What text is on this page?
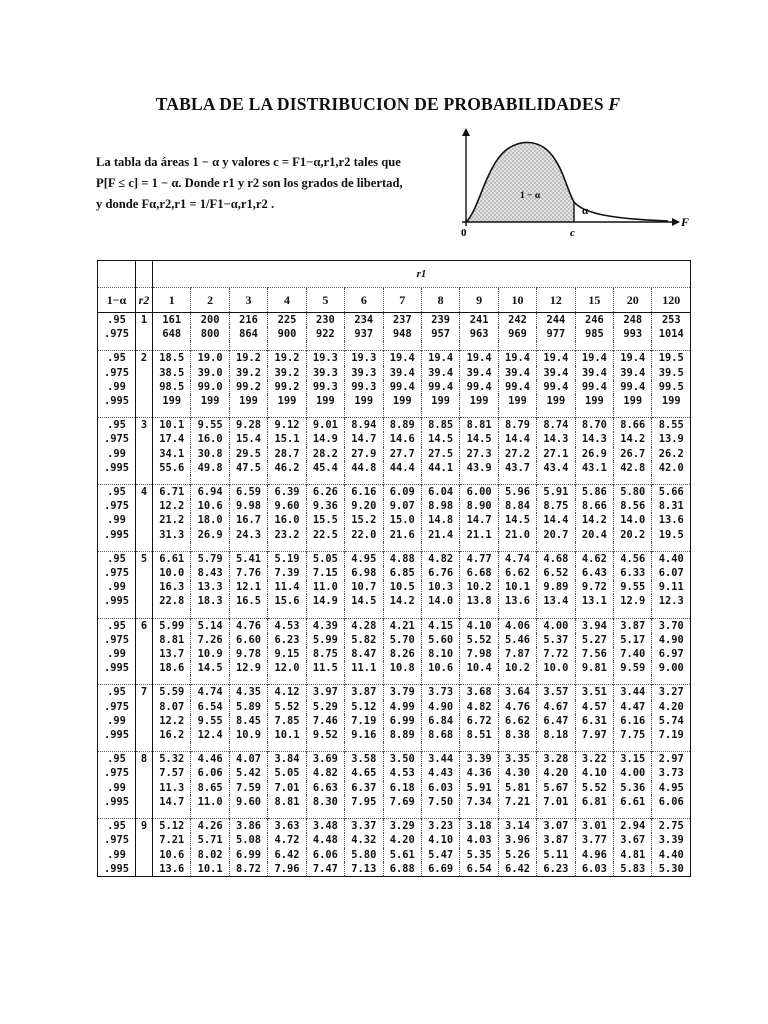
TABLA DE LA DISTRIBUCION DE PROBABILIDADES F
La tabla da áreas 1 − α y valores c = F1−α,r1,r2 tales que
P[F ≤ c] = 1 − α. Donde r1 y r2 son los grados de libertad,
y donde Fα,r2,r1 = 1/F1−α,r1,r2 .
0	c
F
1 − α
α
		r1													
1−α	r2	1	2	3	4	5	6	7	8	9	10	12	15	20	120
.95	1	161	200	216	225	230	234	237	239	241	242	244	246	248	253
.975		648	800	864	900	922	937	948	957	963	969	977	985	993	1014

.95	2	18.5	19.0	19.2	19.2	19.3	19.3	19.4	19.4	19.4	19.4	19.4	19.4	19.4	19.5
.975		38.5	39.0	39.2	39.2	39.3	39.3	39.4	39.4	39.4	39.4	39.4	39.4	39.4	39.5
.99		98.5	99.0	99.2	99.2	99.3	99.3	99.4	99.4	99.4	99.4	99.4	99.4	99.4	99.5
.995		199	199	199	199	199	199	199	199	199	199	199	199	199	199

.95	3	10.1	9.55	9.28	9.12	9.01	8.94	8.89	8.85	8.81	8.79	8.74	8.70	8.66	8.55
.975		17.4	16.0	15.4	15.1	14.9	14.7	14.6	14.5	14.5	14.4	14.3	14.3	14.2	13.9
.99		34.1	30.8	29.5	28.7	28.2	27.9	27.7	27.5	27.3	27.2	27.1	26.9	26.7	26.2
.995		55.6	49.8	47.5	46.2	45.4	44.8	44.4	44.1	43.9	43.7	43.4	43.1	42.8	42.0

.95	4	6.71	6.94	6.59	6.39	6.26	6.16	6.09	6.04	6.00	5.96	5.91	5.86	5.80	5.66
.975		12.2	10.6	9.98	9.60	9.36	9.20	9.07	8.98	8.90	8.84	8.75	8.66	8.56	8.31
.99		21.2	18.0	16.7	16.0	15.5	15.2	15.0	14.8	14.7	14.5	14.4	14.2	14.0	13.6
.995		31.3	26.9	24.3	23.2	22.5	22.0	21.6	21.4	21.1	21.0	20.7	20.4	20.2	19.5

.95	5	6.61	5.79	5.41	5.19	5.05	4.95	4.88	4.82	4.77	4.74	4.68	4.62	4.56	4.40
.975		10.0	8.43	7.76	7.39	7.15	6.98	6.85	6.76	6.68	6.62	6.52	6.43	6.33	6.07
.99		16.3	13.3	12.1	11.4	11.0	10.7	10.5	10.3	10.2	10.1	9.89	9.72	9.55	9.11
.995		22.8	18.3	16.5	15.6	14.9	14.5	14.2	14.0	13.8	13.6	13.4	13.1	12.9	12.3

.95	6	5.99	5.14	4.76	4.53	4.39	4.28	4.21	4.15	4.10	4.06	4.00	3.94	3.87	3.70
.975		8.81	7.26	6.60	6.23	5.99	5.82	5.70	5.60	5.52	5.46	5.37	5.27	5.17	4.90
.99		13.7	10.9	9.78	9.15	8.75	8.47	8.26	8.10	7.98	7.87	7.72	7.56	7.40	6.97
.995		18.6	14.5	12.9	12.0	11.5	11.1	10.8	10.6	10.4	10.2	10.0	9.81	9.59	9.00

.95	7	5.59	4.74	4.35	4.12	3.97	3.87	3.79	3.73	3.68	3.64	3.57	3.51	3.44	3.27
.975		8.07	6.54	5.89	5.52	5.29	5.12	4.99	4.90	4.82	4.76	4.67	4.57	4.47	4.20
.99		12.2	9.55	8.45	7.85	7.46	7.19	6.99	6.84	6.72	6.62	6.47	6.31	6.16	5.74
.995		16.2	12.4	10.9	10.1	9.52	9.16	8.89	8.68	8.51	8.38	8.18	7.97	7.75	7.19

.95	8	5.32	4.46	4.07	3.84	3.69	3.58	3.50	3.44	3.39	3.35	3.28	3.22	3.15	2.97
.975		7.57	6.06	5.42	5.05	4.82	4.65	4.53	4.43	4.36	4.30	4.20	4.10	4.00	3.73
.99		11.3	8.65	7.59	7.01	6.63	6.37	6.18	6.03	5.91	5.81	5.67	5.52	5.36	4.95
.995		14.7	11.0	9.60	8.81	8.30	7.95	7.69	7.50	7.34	7.21	7.01	6.81	6.61	6.06

.95	9	5.12	4.26	3.86	3.63	3.48	3.37	3.29	3.23	3.18	3.14	3.07	3.01	2.94	2.75
.975		7.21	5.71	5.08	4.72	4.48	4.32	4.20	4.10	4.03	3.96	3.87	3.77	3.67	3.39
.99		10.6	8.02	6.99	6.42	6.06	5.80	5.61	5.47	5.35	5.26	5.11	4.96	4.81	4.40
.995		13.6	10.1	8.72	7.96	7.47	7.13	6.88	6.69	6.54	6.42	6.23	6.03	5.83	5.30
